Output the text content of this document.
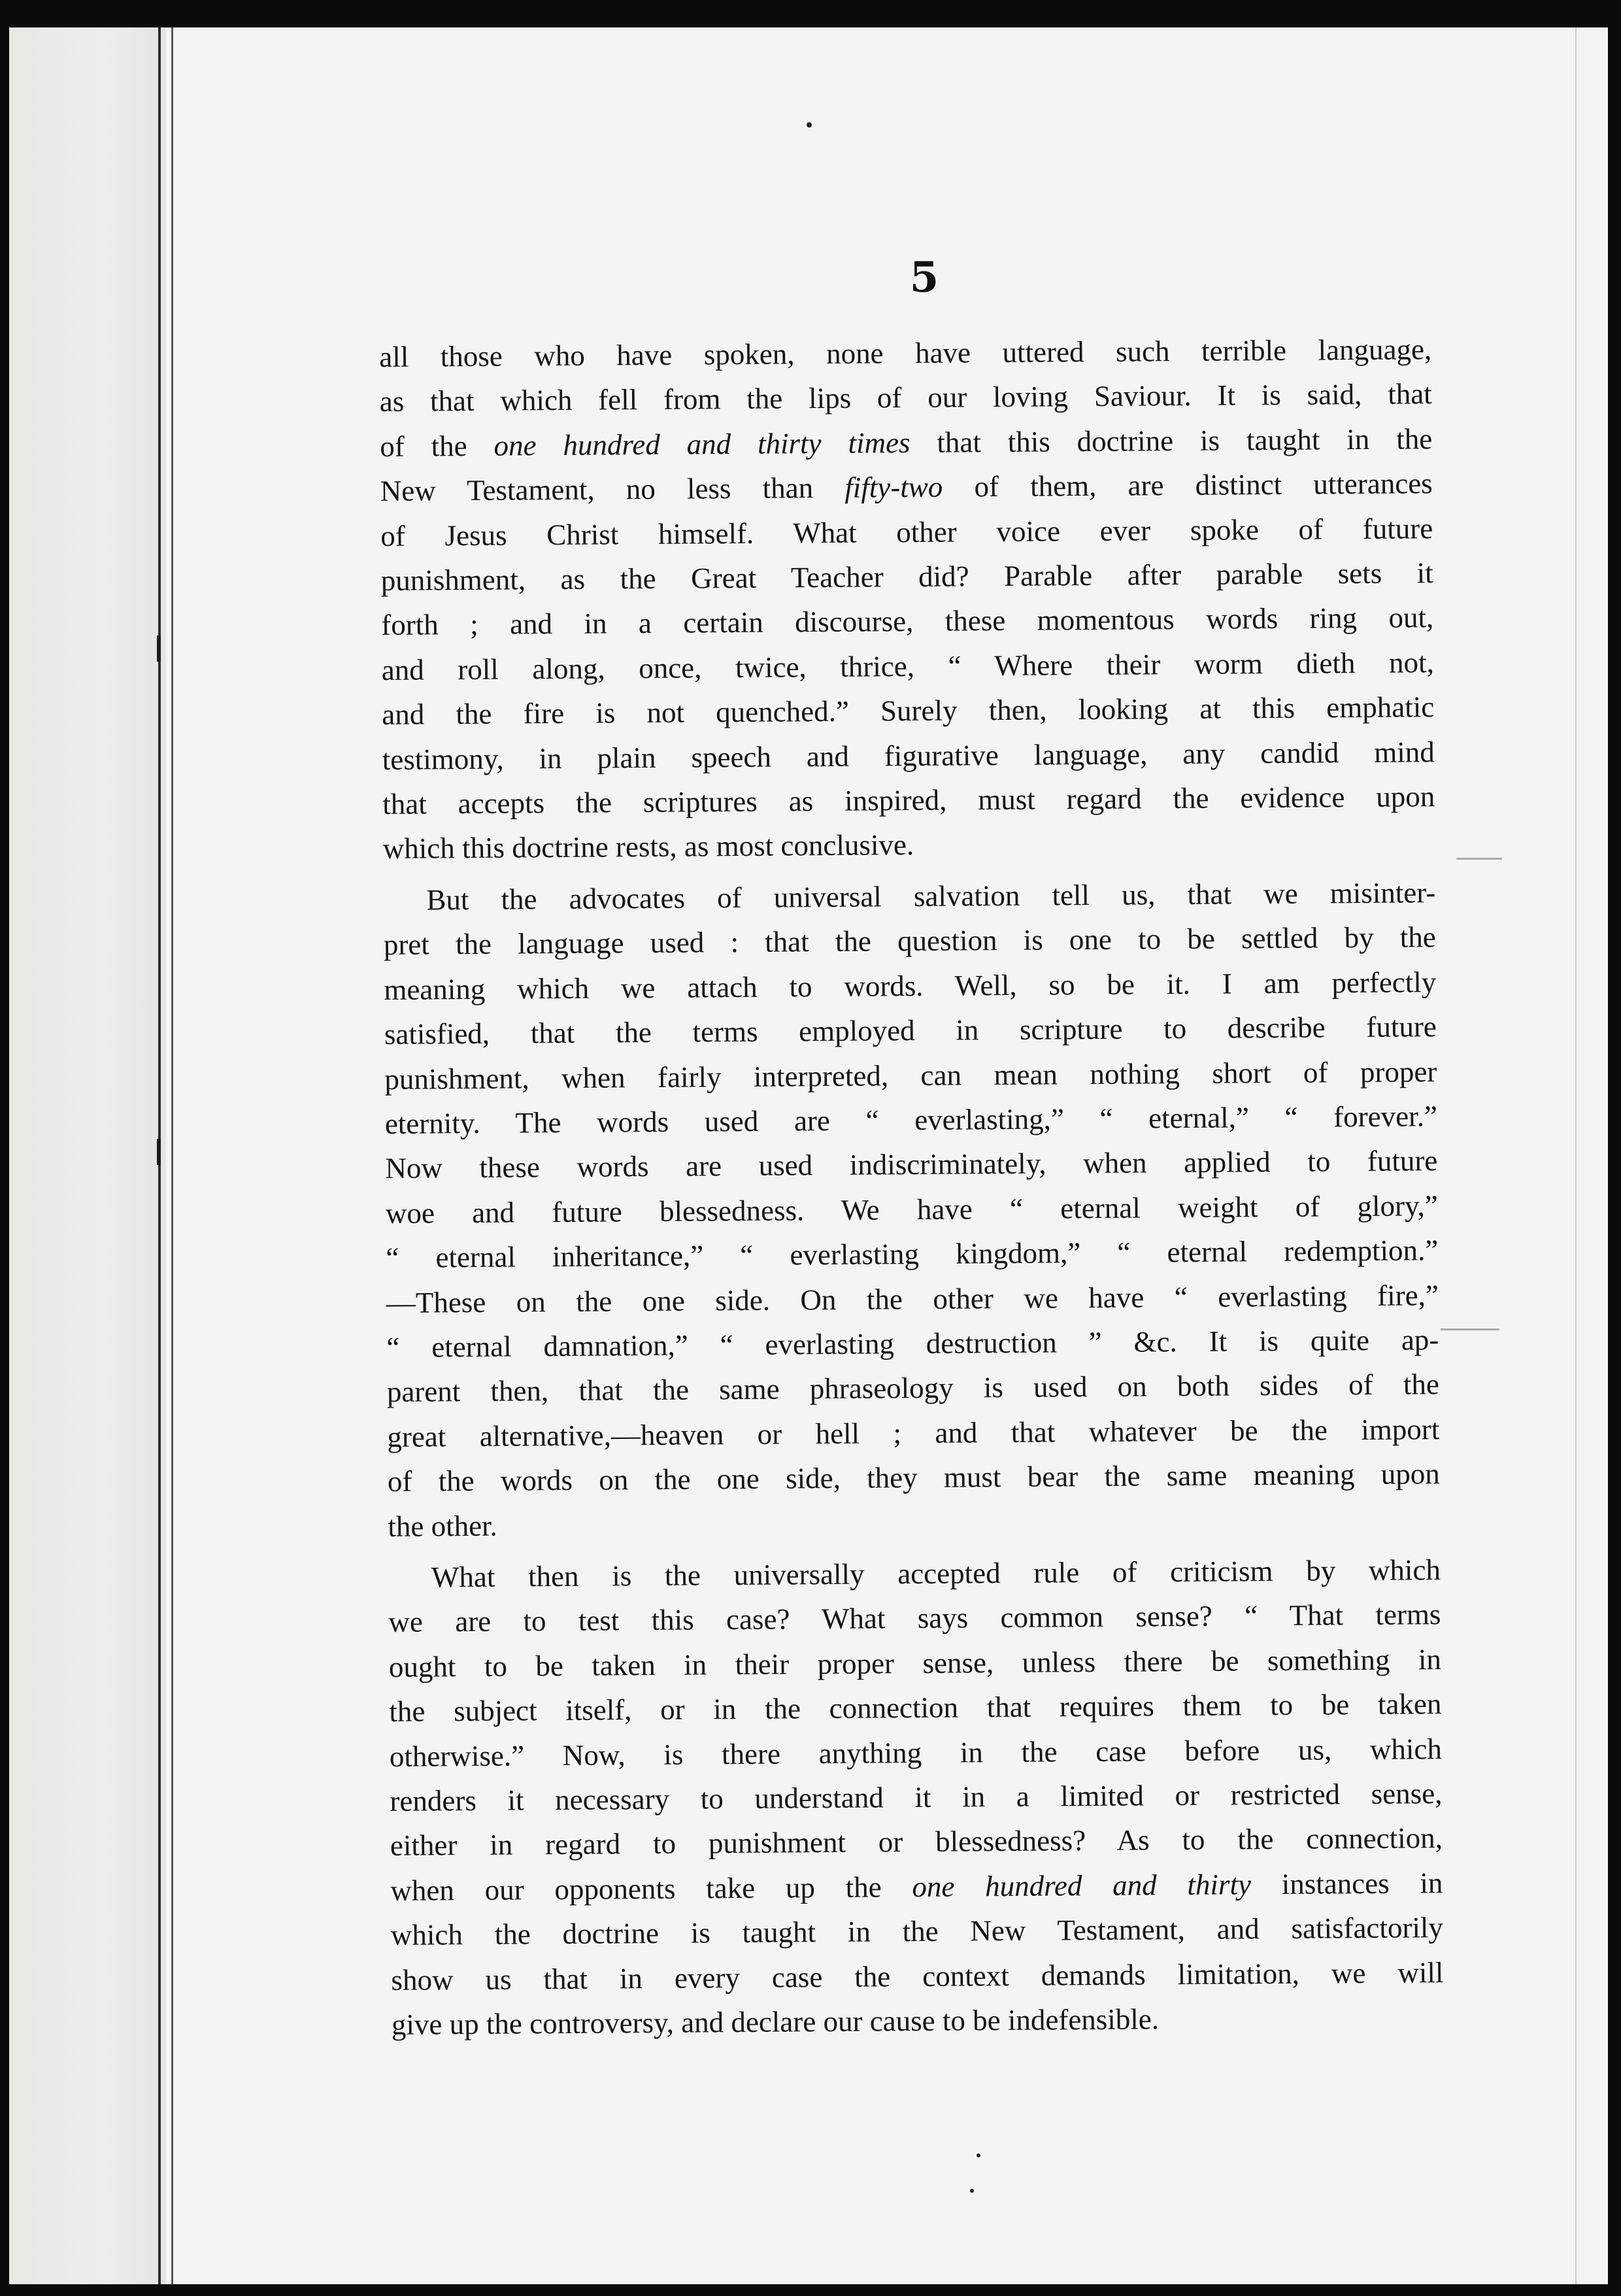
5

all those who have spoken, none have uttered such terrible language,
as that which fell from the lips of our loving Saviour. It is said, that
of the one hundred and thirty times that this doctrine is taught in the
New Testament, no less than fifty-two of them, are distinct utterances
of Jesus Christ himself. What other voice ever spoke of future
punishment, as the Great Teacher did? Parable after parable sets it
forth ; and in a certain discourse, these momentous words ring out,
and roll along, once, twice, thrice, “ Where their worm dieth not,
and the fire is not quenched.” Surely then, looking at this emphatic
testimony, in plain speech and figurative language, any candid mind
that accepts the scriptures as inspired, must regard the evidence upon
which this doctrine rests, as most conclusive.

But the advocates of universal salvation tell us, that we misinter-
pret the language used : that the question is one to be settled by the
meaning which we attach to words. Well, so be it. I am perfectly
satisfied, that the terms employed in scripture to describe future
punishment, when fairly interpreted, can mean nothing short of proper
eternity. The words used are “ everlasting,” “ eternal,” “ forever.”
Now these words are used indiscriminately, when applied to future
woe and future blessedness. We have “ eternal weight of glory,”
“ eternal inheritance,” “ everlasting kingdom,” “ eternal redemption.”
—These on the one side. On the other we have “ everlasting fire,”
“ eternal damnation,” “ everlasting destruction ” &c. It is quite ap-
parent then, that the same phraseology is used on both sides of the
great alternative,—heaven or hell ; and that whatever be the import
of the words on the one side, they must bear the same meaning upon
the other.

What then is the universally accepted rule of criticism by which
we are to test this case? What says common sense? “ That terms
ought to be taken in their proper sense, unless there be something in
the subject itself, or in the connection that requires them to be taken
otherwise.” Now, is there anything in the case before us, which
renders it necessary to understand it in a limited or restricted sense,
either in regard to punishment or blessedness? As to the connection,
when our opponents take up the one hundred and thirty instances in
which the doctrine is taught in the New Testament, and satisfactorily
show us that in every case the context demands limitation, we will
give up the controversy, and declare our cause to be indefensible.
